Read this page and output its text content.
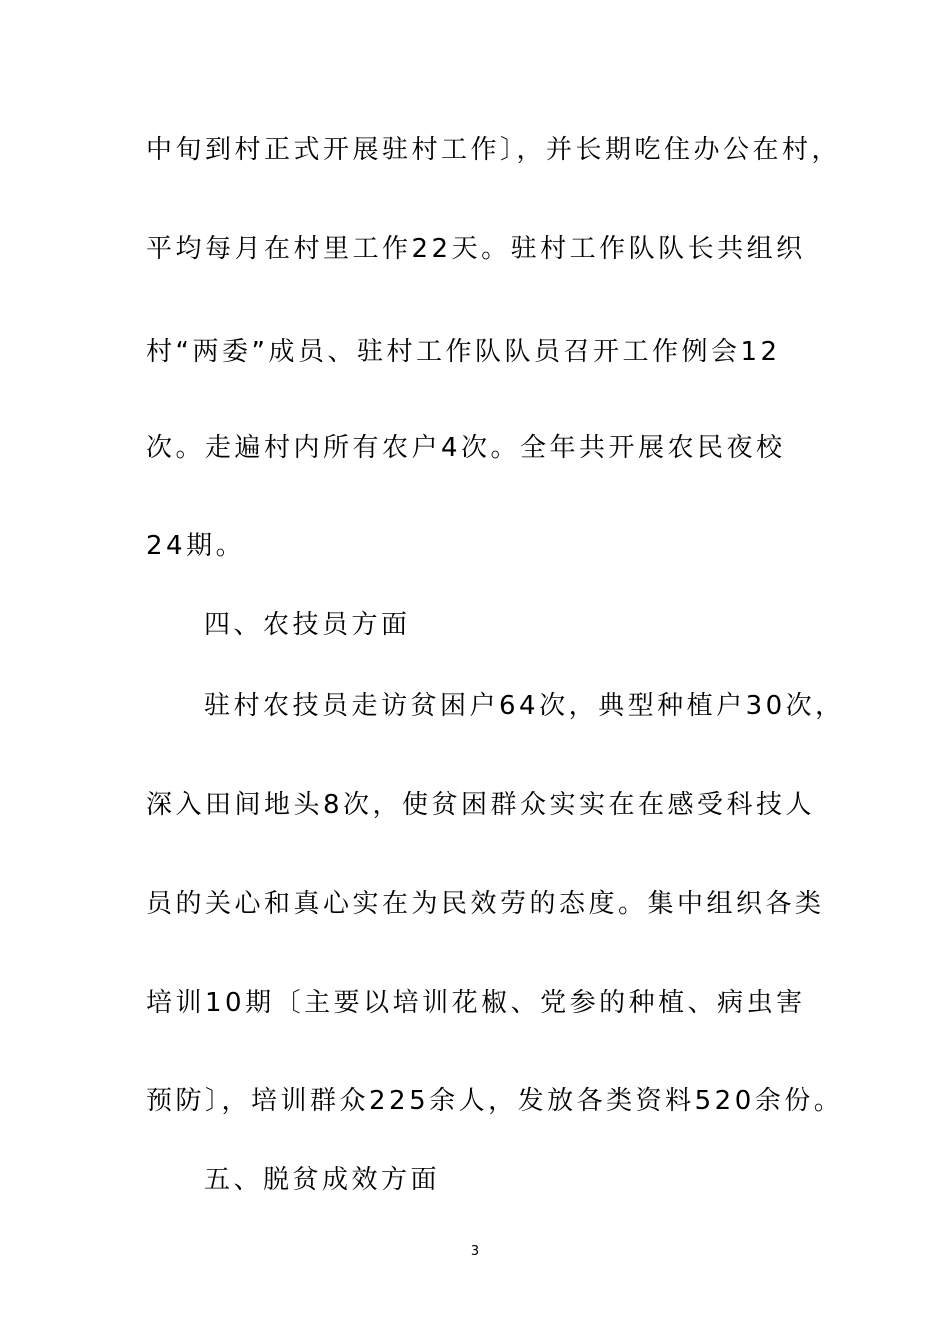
中旬到村正式开展驻村工作〕，并长期吃住办公在村，
平均每月在村里工作22天。驻村工作队队长共组织
村“两委”成员、驻村工作队队员召开工作例会12
次。走遍村内所有农户4次。全年共开展农民夜校
24期。
四、农技员方面
驻村农技员走访贫困户64次，典型种植户30次，
深入田间地头8次，使贫困群众实实在在感受科技人
员的关心和真心实在为民效劳的态度。集中组织各类
培训10期〔主要以培训花椒、党参的种植、病虫害
预防〕，培训群众225余人，发放各类资料520余份。
五、脱贫成效方面
3
